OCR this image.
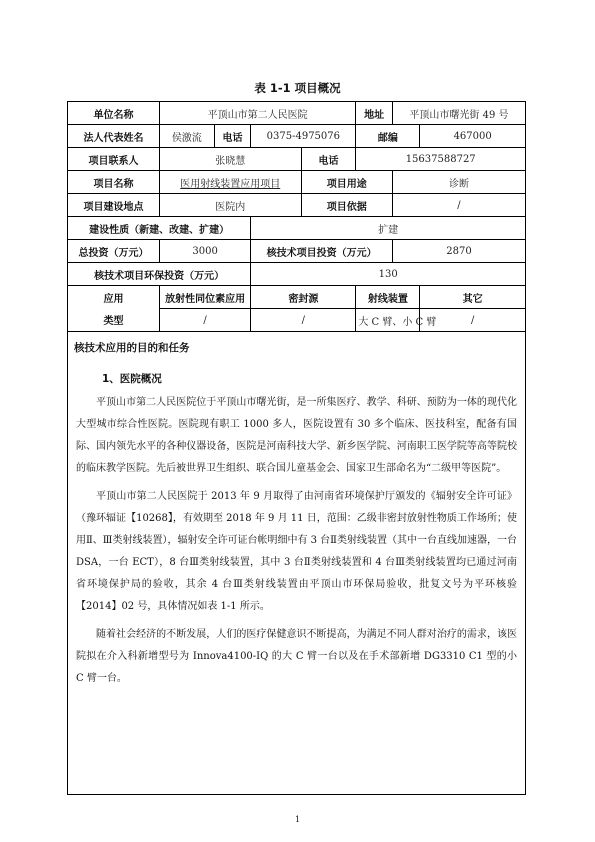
表 1-1 项目概况
单位名称	平顶山市第二人民医院				地址	平顶山市曙光街 49 号	
法人代表姓名	侯激流	电话	0375-4975076		邮编		467000
项目联系人	张晓慧			电话	15637588727		
项目名称	医用射线装置应用项目			项目用途		诊断	
项目建设地点	医院内			项目依据		/	
建设性质（新建、改建、扩建）			扩建				
总投资（万元）	3000		核技术项目投资（万元）			2870	
核技术项目环保投资（万元）			130				
应用	放射性同位素应用		密封源		射线装置		其它
类型	/		/		大 C 臂、小 C 臂		/
核技术应用的目的和任务
1、医院概况

平顶山市第二人民医院位于平顶山市曙光街，是一所集医疗、教学、科研、预防为一体的现代化大型城市综合性医院。医院现有职工 1000 多人，医院设置有 30 多个临床、医技科室，配备有国际、国内领先水平的各种仪器设备，医院是河南科技大学、新乡医学院、河南职工医学院等高等院校的临床教学医院。先后被世界卫生组织、联合国儿童基金会、国家卫生部命名为“二级甲等医院”。

平顶山市第二人民医院于 2013 年 9 月取得了由河南省环境保护厅颁发的《辐射安全许可证》（豫环辐证【10268】，有效期至 2018 年 9 月 11 日，范围：乙级非密封放射性物质工作场所；使用Ⅱ、Ⅲ类射线装置），辐射安全许可证台帐明细中有 3 台Ⅱ类射线装置（其中一台直线加速器，一台 DSA，一台 ECT），8 台Ⅲ类射线装置，其中 3 台Ⅱ类射线装置和 4 台Ⅲ类射线装置均已通过河南省环境保护局的验收，其余 4 台Ⅲ类射线装置由平顶山市环保局验收，批复文号为平环核验【2014】02 号，具体情况如表 1-1 所示。

随着社会经济的不断发展，人们的医疗保健意识不断提高，为满足不同人群对治疗的需求，该医院拟在介入科新增型号为 Innova4100-IQ 的大 C 臂一台以及在手术部新增 DG3310 C1 型的小 C 臂一台。

1
